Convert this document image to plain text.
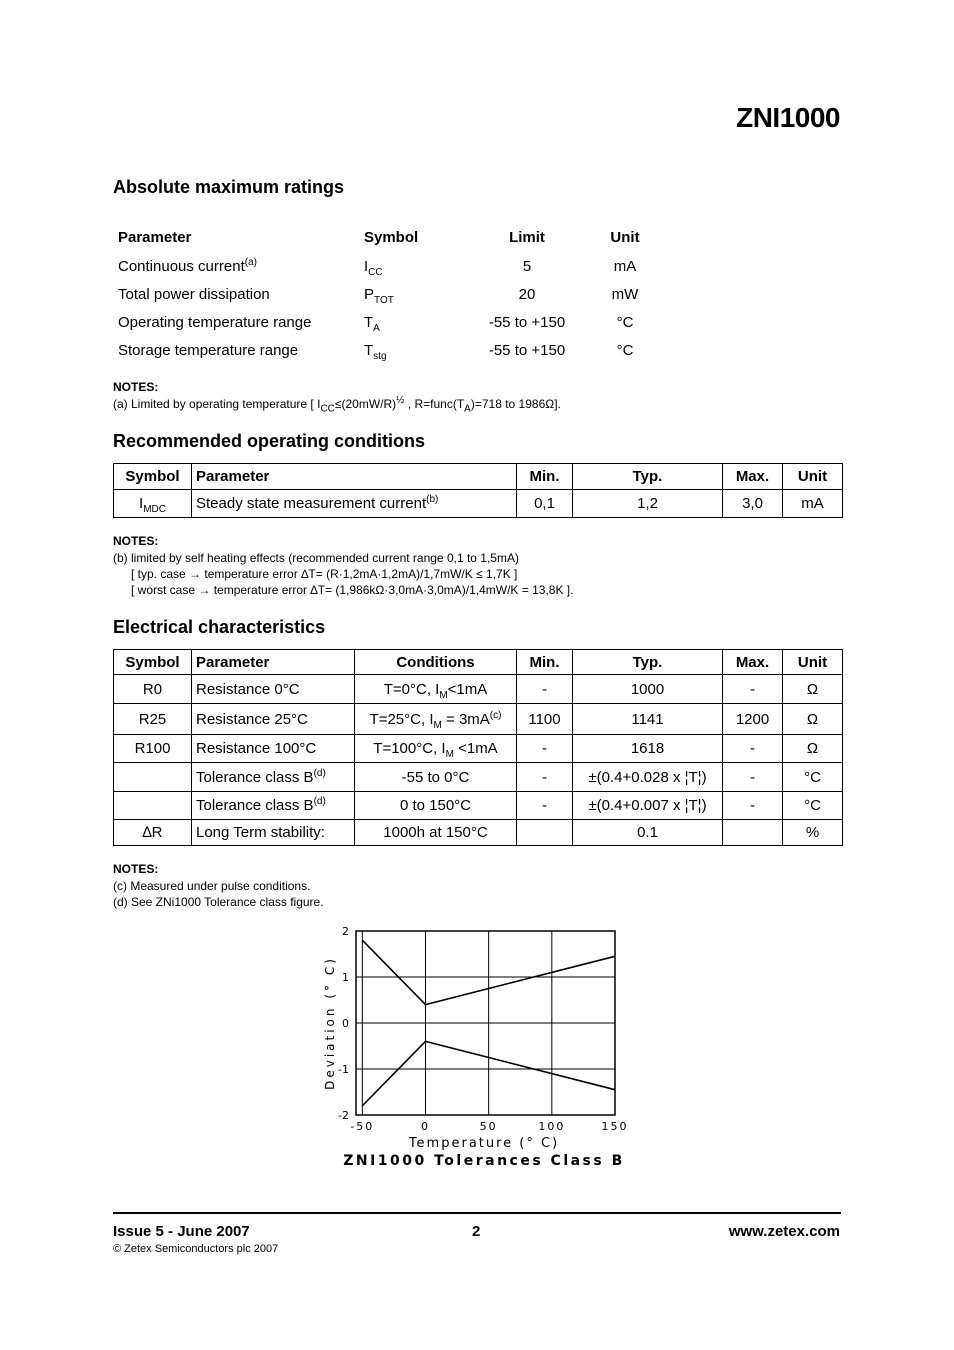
ZNI1000
Absolute maximum ratings
Parameter	Symbol	Limit	Unit
Continuous current$^{(a)}$	$I_{CC}$	5	mA
Total power dissipation	$P_{TOT}$	20	mW
Operating temperature range	$T_A$	-55 to +150	°C
Storage temperature range	$T_{stg}$	-55 to +150	°C
NOTES:
(a) Limited by operating temperature [ $I_{CC}\le(20mW/R)^{\frac{1}{2}}$ , $R=func(T_A)=718$ to 1986Ω].
Recommended operating conditions
Symbol	Parameter	Min.	Typ.	Max.	Unit
$I_{MDC}$	Steady state measurement current$^{(b)}$	0,1	1,2	3,0	mA
NOTES:
(b) limited by self heating effects (recommended current range 0,1 to 1,5mA)
[ typ. case → temperature error ∆T= (R·1,2mA·1,2mA)/1,7mW/K ≤ 1,7K ]
[ worst case → temperature error ∆T= (1,986kΩ·3,0mA·3,0mA)/1,4mW/K = 13,8K ].
Electrical characteristics
Symbol	Parameter	Conditions	Min.	Typ.	Max.	Unit
R0	Resistance 0°C	T=0°C, $I_M<1mA$	-	1000	-	Ω
R25	Resistance 25°C	T=25°C, $I_M = 3mA^{(c)}$	1100	1141	1200	Ω
R100	Resistance 100°C	T=100°C, $I_M <1mA$	-	1618	-	Ω
	Tolerance class $B^{(d)}$	-55 to 0°C	-	±(0.4+0.028 x ¦T¦)	-	°C
	Tolerance class $B^{(d)}$	0 to 150°C	-	±(0.4+0.007 x ¦T¦)	-	°C
∆R	Long Term stability:	1000h at 150°C		0.1		%
NOTES:
(c) Measured under pulse conditions.
(d) See ZNi1000 Tolerance class figure.
-50	0	50	100	150
2
1
0
-1
-2
Deviation (° C)
Temperature (° C)
ZNI1000 Tolerances Class B
Issue 5 - June 2007	2	www.zetex.com
© Zetex Semiconductors plc 2007
